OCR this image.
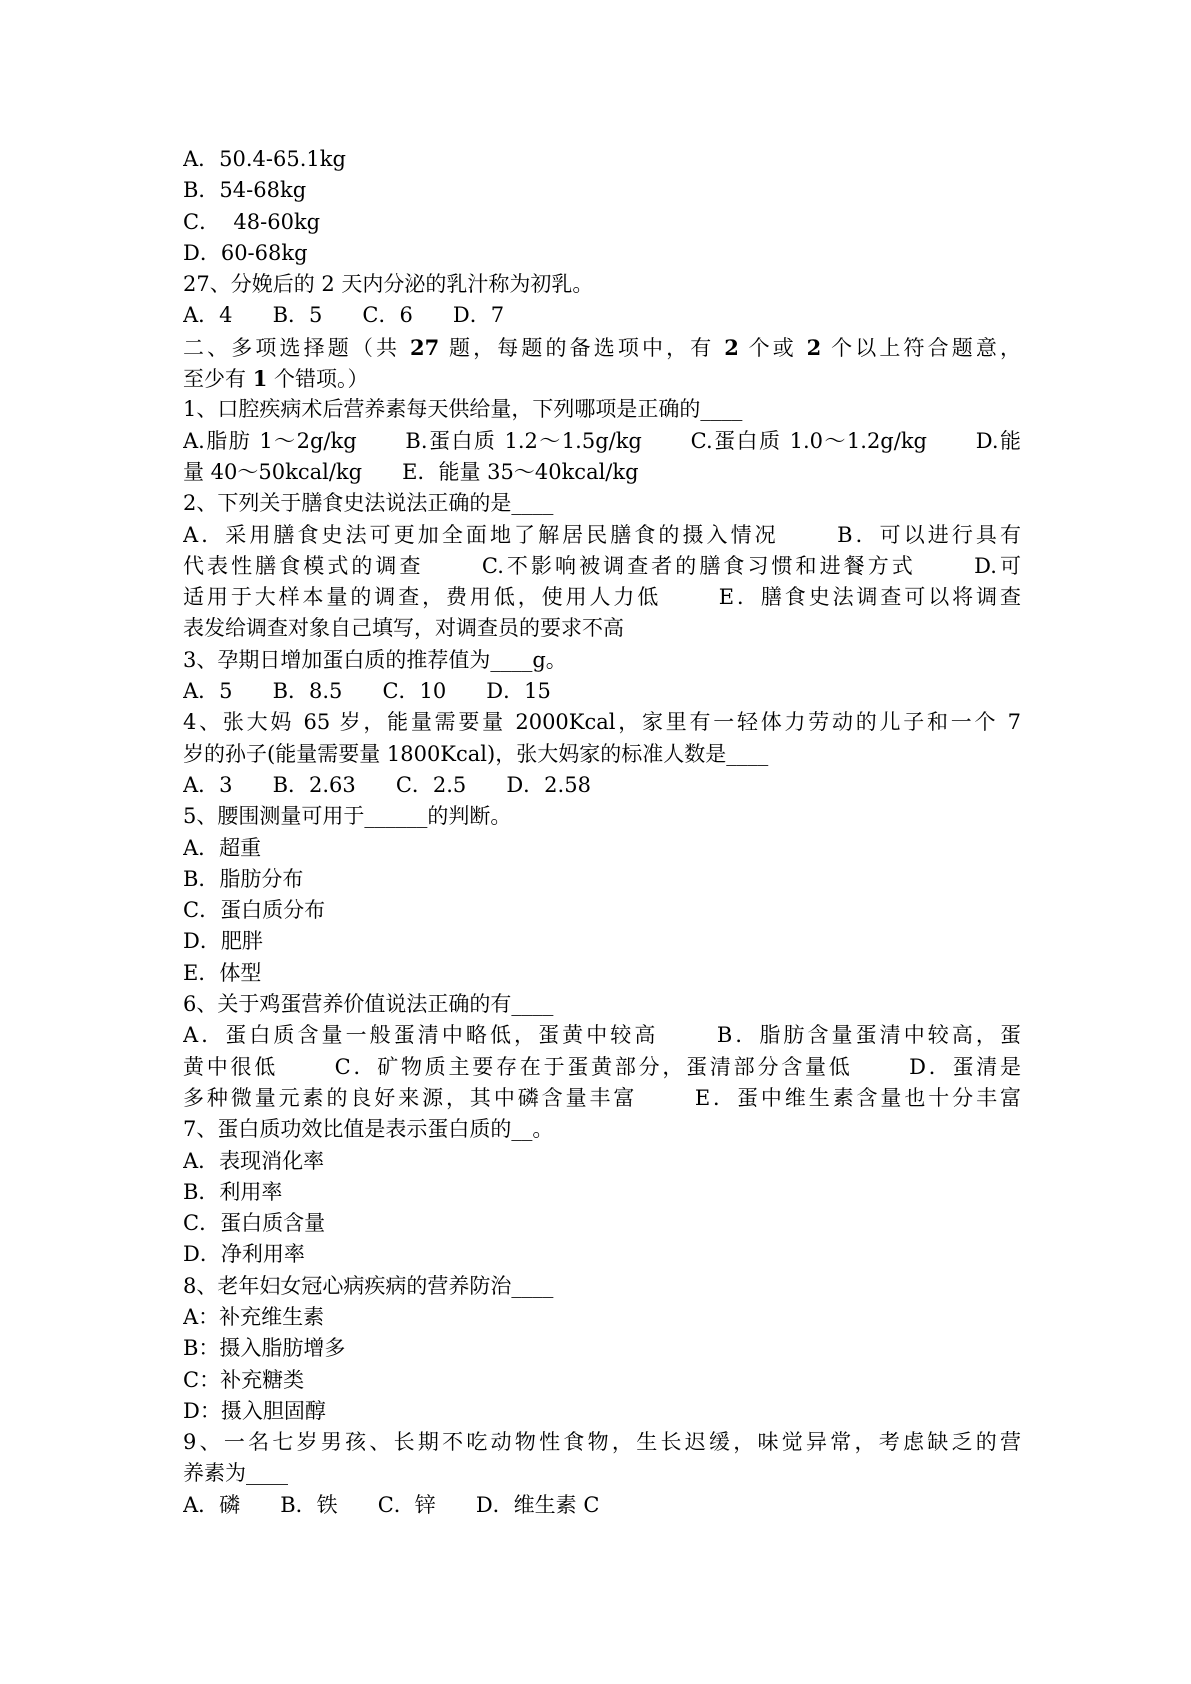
A．50.4-65.1kg
B．54-68kg
C．  48-60kg
D．60-68kg
27、分娩后的 2 天内分泌的乳汁称为初乳。
A．4      B．5      C．6      D．7
二、多项选择题（共 27 题，每题的备选项中，有 2 个或 2 个以上符合题意，
至少有 1 个错项。）
1、口腔疾病术后营养素每天供给量，下列哪项是正确的____
A.脂肪 1～2g/kg      B.蛋白质 1.2～1.5g/kg      C.蛋白质 1.0～1.2g/kg      D.能
量 40～50kcal/kg      E．能量 35～40kcal/kg
2、下列关于膳食史法说法正确的是____
A．采用膳食史法可更加全面地了解居民膳食的摄入情况      B．可以进行具有
代表性膳食模式的调查      C.不影响被调查者的膳食习惯和进餐方式      D.可
适用于大样本量的调查，费用低，使用人力低      E．膳食史法调查可以将调查
表发给调查对象自己填写，对调查员的要求不高
3、孕期日增加蛋白质的推荐值为____g。
A．5      B．8.5      C．10      D．15
4、张大妈 65 岁，能量需要量 2000Kcal，家里有一轻体力劳动的儿子和一个 7
岁的孙子(能量需要量 1800Kcal)，张大妈家的标准人数是____
A．3      B．2.63      C．2.5      D．2.58
5、腰围测量可用于______的判断。
A．超重
B．脂肪分布
C．蛋白质分布
D．肥胖
E．体型
6、关于鸡蛋营养价值说法正确的有____
A．蛋白质含量一般蛋清中略低，蛋黄中较高      B．脂肪含量蛋清中较高，蛋
黄中很低      C．矿物质主要存在于蛋黄部分，蛋清部分含量低      D．蛋清是
多种微量元素的良好来源，其中磷含量丰富      E．蛋中维生素含量也十分丰富
7、蛋白质功效比值是表示蛋白质的__。
A．表现消化率
B．利用率
C．蛋白质含量
D．净利用率
8、老年妇女冠心病疾病的营养防治____
A：补充维生素
B：摄入脂肪增多
C：补充糖类
D：摄入胆固醇
9、一名七岁男孩、长期不吃动物性食物，生长迟缓，味觉异常，考虑缺乏的营
养素为____
A．磷      B．铁      C．锌      D．维生素 C
